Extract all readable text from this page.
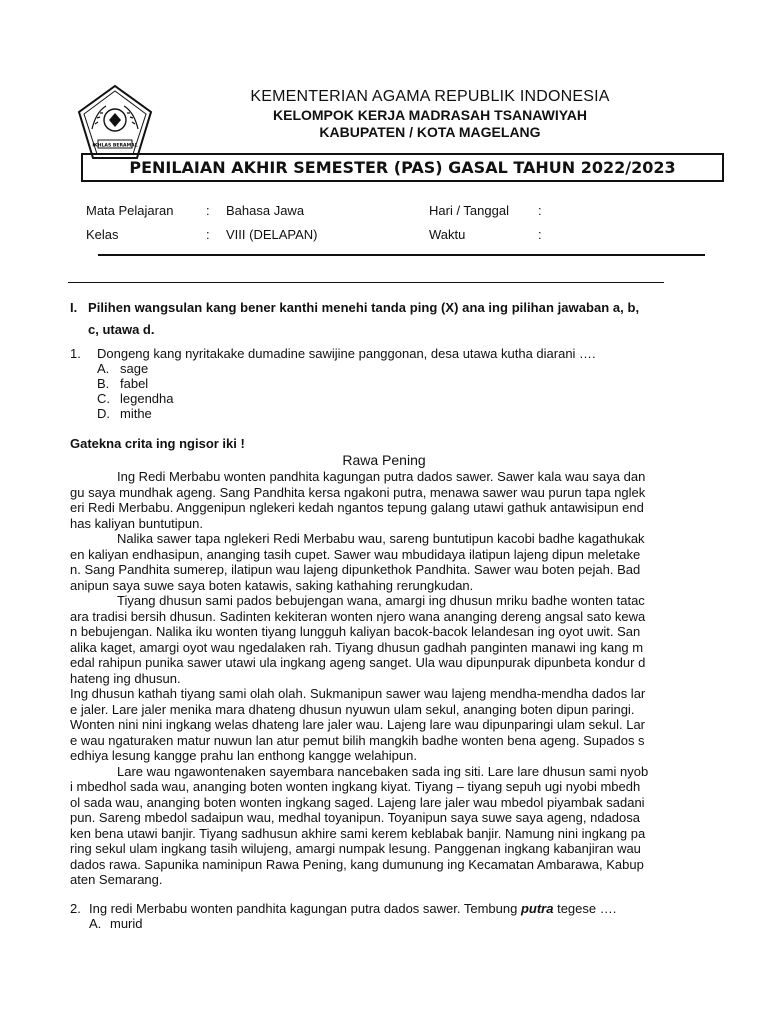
IKHLAS BERAMAL
KEMENTERIAN AGAMA REPUBLIK INDONESIA
KELOMPOK KERJA MADRASAH TSANAWIYAH
KABUPATEN / KOTA MAGELANG
PENILAIAN AKHIR SEMESTER (PAS) GASAL TAHUN 2022/2023
Mata Pelajaran	: Bahasa Jawa	Hari / Tanggal :
Kelas	: VIII (DELAPAN)	Waktu	:
I. Pilihen wangsulan kang bener kanthi menehi tanda ping (X) ana ing pilihan jawaban a, b,
c, utawa d.
1. Dongeng kang nyritakake dumadine sawijine panggonan, desa utawa kutha diarani ….
A. sage
B. fabel
C. legendha
D. mithe
Gatekna crita ing ngisor iki !
Rawa Pening

Ing Redi Merbabu wonten pandhita kagungan putra dados sawer. Sawer kala wau saya dan

gu saya mundhak ageng. Sang Pandhita kersa ngakoni putra, menawa sawer wau purun tapa nglek

eri Redi Merbabu. Anggenipun nglekeri kedah ngantos tepung galang utawi gathuk antawisipun end

has kaliyan buntutipun.

Nalika sawer tapa nglekeri Redi Merbabu wau, sareng buntutipun kacobi badhe kagathukak

en kaliyan endhasipun, ananging tasih cupet. Sawer wau mbudidaya ilatipun lajeng dipun meletake

n. Sang Pandhita sumerep, ilatipun wau lajeng dipunkethok Pandhita. Sawer wau boten pejah. Bad

anipun saya suwe saya boten katawis, saking kathahing rerungkudan.

Tiyang dhusun sami pados bebujengan wana, amargi ing dhusun mriku badhe wonten tatac

ara tradisi bersih dhusun. Sadinten kekiteran wonten njero wana ananging dereng angsal sato kewa

n bebujengan. Nalika iku wonten tiyang lungguh kaliyan bacok-bacok lelandesan ing oyot uwit. San

alika kaget, amargi oyot wau ngedalaken rah. Tiyang dhusun gadhah panginten manawi ing kang m

edal rahipun punika sawer utawi ula ingkang ageng sanget. Ula wau dipunpurak dipunbeta kondur d

hateng ing dhusun.

Ing dhusun kathah tiyang sami olah olah. Sukmanipun sawer wau lajeng mendha-mendha dados lar

e jaler. Lare jaler menika mara dhateng dhusun nyuwun ulam sekul, ananging boten dipun paringi.

Wonten nini nini ingkang welas dhateng lare jaler wau. Lajeng lare wau dipunparingi ulam sekul. Lar

e wau ngaturaken matur nuwun lan atur pemut bilih mangkih badhe wonten bena ageng. Supados s

edhiya lesung kangge prahu lan enthong kangge welahipun.

Lare wau ngawontenaken sayembara nancebaken sada ing siti. Lare lare dhusun sami nyob

i mbedhol sada wau, ananging boten wonten ingkang kiyat. Tiyang – tiyang sepuh ugi nyobi mbedh

ol sada wau, ananging boten wonten ingkang saged. Lajeng lare jaler wau mbedol piyambak sadani

pun. Sareng mbedol sadaipun wau, medhal toyanipun. Toyanipun saya suwe saya ageng, ndadosa

ken bena utawi banjir. Tiyang sadhusun akhire sami kerem keblabak banjir. Namung nini ingkang pa

ring sekul ulam ingkang tasih wilujeng, amargi numpak lesung. Panggenan ingkang kabanjiran wau

dados rawa. Sapunika naminipun Rawa Pening, kang dumunung ing Kecamatan Ambarawa, Kabup

aten Semarang.

2. Ing redi Merbabu wonten pandhita kagungan putra dados sawer. Tembung putra tegese ….
A. murid
